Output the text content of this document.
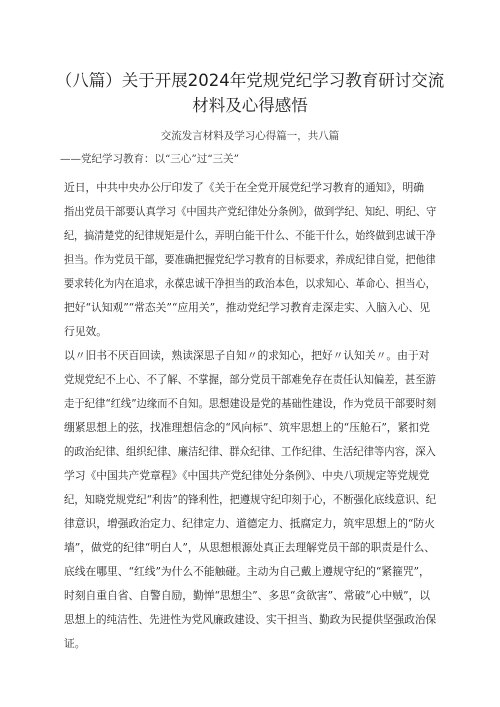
（八篇）关于开展2024年党规党纪学习教育研讨交流
材料及心得感悟
交流发言材料及学习心得篇一，共八篇
——党纪学习教育：以“三心”过“三关”
近日，中共中央办公厅印发了《关于在全党开展党纪学习教育的通知》，明确
指出党员干部要认真学习《中国共产党纪律处分条例》，做到学纪、知纪、明纪、守
纪，搞清楚党的纪律规矩是什么，弄明白能干什么、不能干什么，始终做到忠诚干净
担当。作为党员干部，要准确把握党纪学习教育的目标要求，养成纪律自觉，把他律
要求转化为内在追求，永葆忠诚干净担当的政治本色，以求知心、革命心、担当心，
把好“认知观”“常态关”“应用关”，推动党纪学习教育走深走实、入脑入心、见
行见效。
以〃旧书不厌百回读，熟读深思子自知〃的求知心，把好〃认知关〃。由于对
党规党纪不上心、不了解、不掌握，部分党员干部难免存在责任认知偏差，甚至游
走于纪律“红线”边缘而不自知。思想建设是党的基础性建设，作为党员干部要时刻
绷紧思想上的弦，找准理想信念的“风向标”、筑牢思想上的“压舱石”，紧扣党
的政治纪律、组织纪律、廉洁纪律、群众纪律、工作纪律、生活纪律等内容，深入
学习《中国共产党章程》《中国共产党纪律处分条例》、中央八项规定等党规党
纪，知晓党规党纪“利齿”的锋利性，把遵规守纪印刻于心，不断强化底线意识、纪
律意识，增强政治定力、纪律定力、道德定力、抵腐定力，筑牢思想上的“防火
墙”，做党的纪律“明白人”，从思想根源处真正去理解党员干部的职责是什么、
底线在哪里、“红线”为什么不能触碰。主动为自己戴上遵规守纪的“紧箍咒”，
时刻自重自省、自警自励，勤惮“思想尘”、多思“贪欲害”、常破“心中贼”，以
思想上的纯洁性、先进性为党风廉政建设、实干担当、勤政为民提供坚强政治保
证。
